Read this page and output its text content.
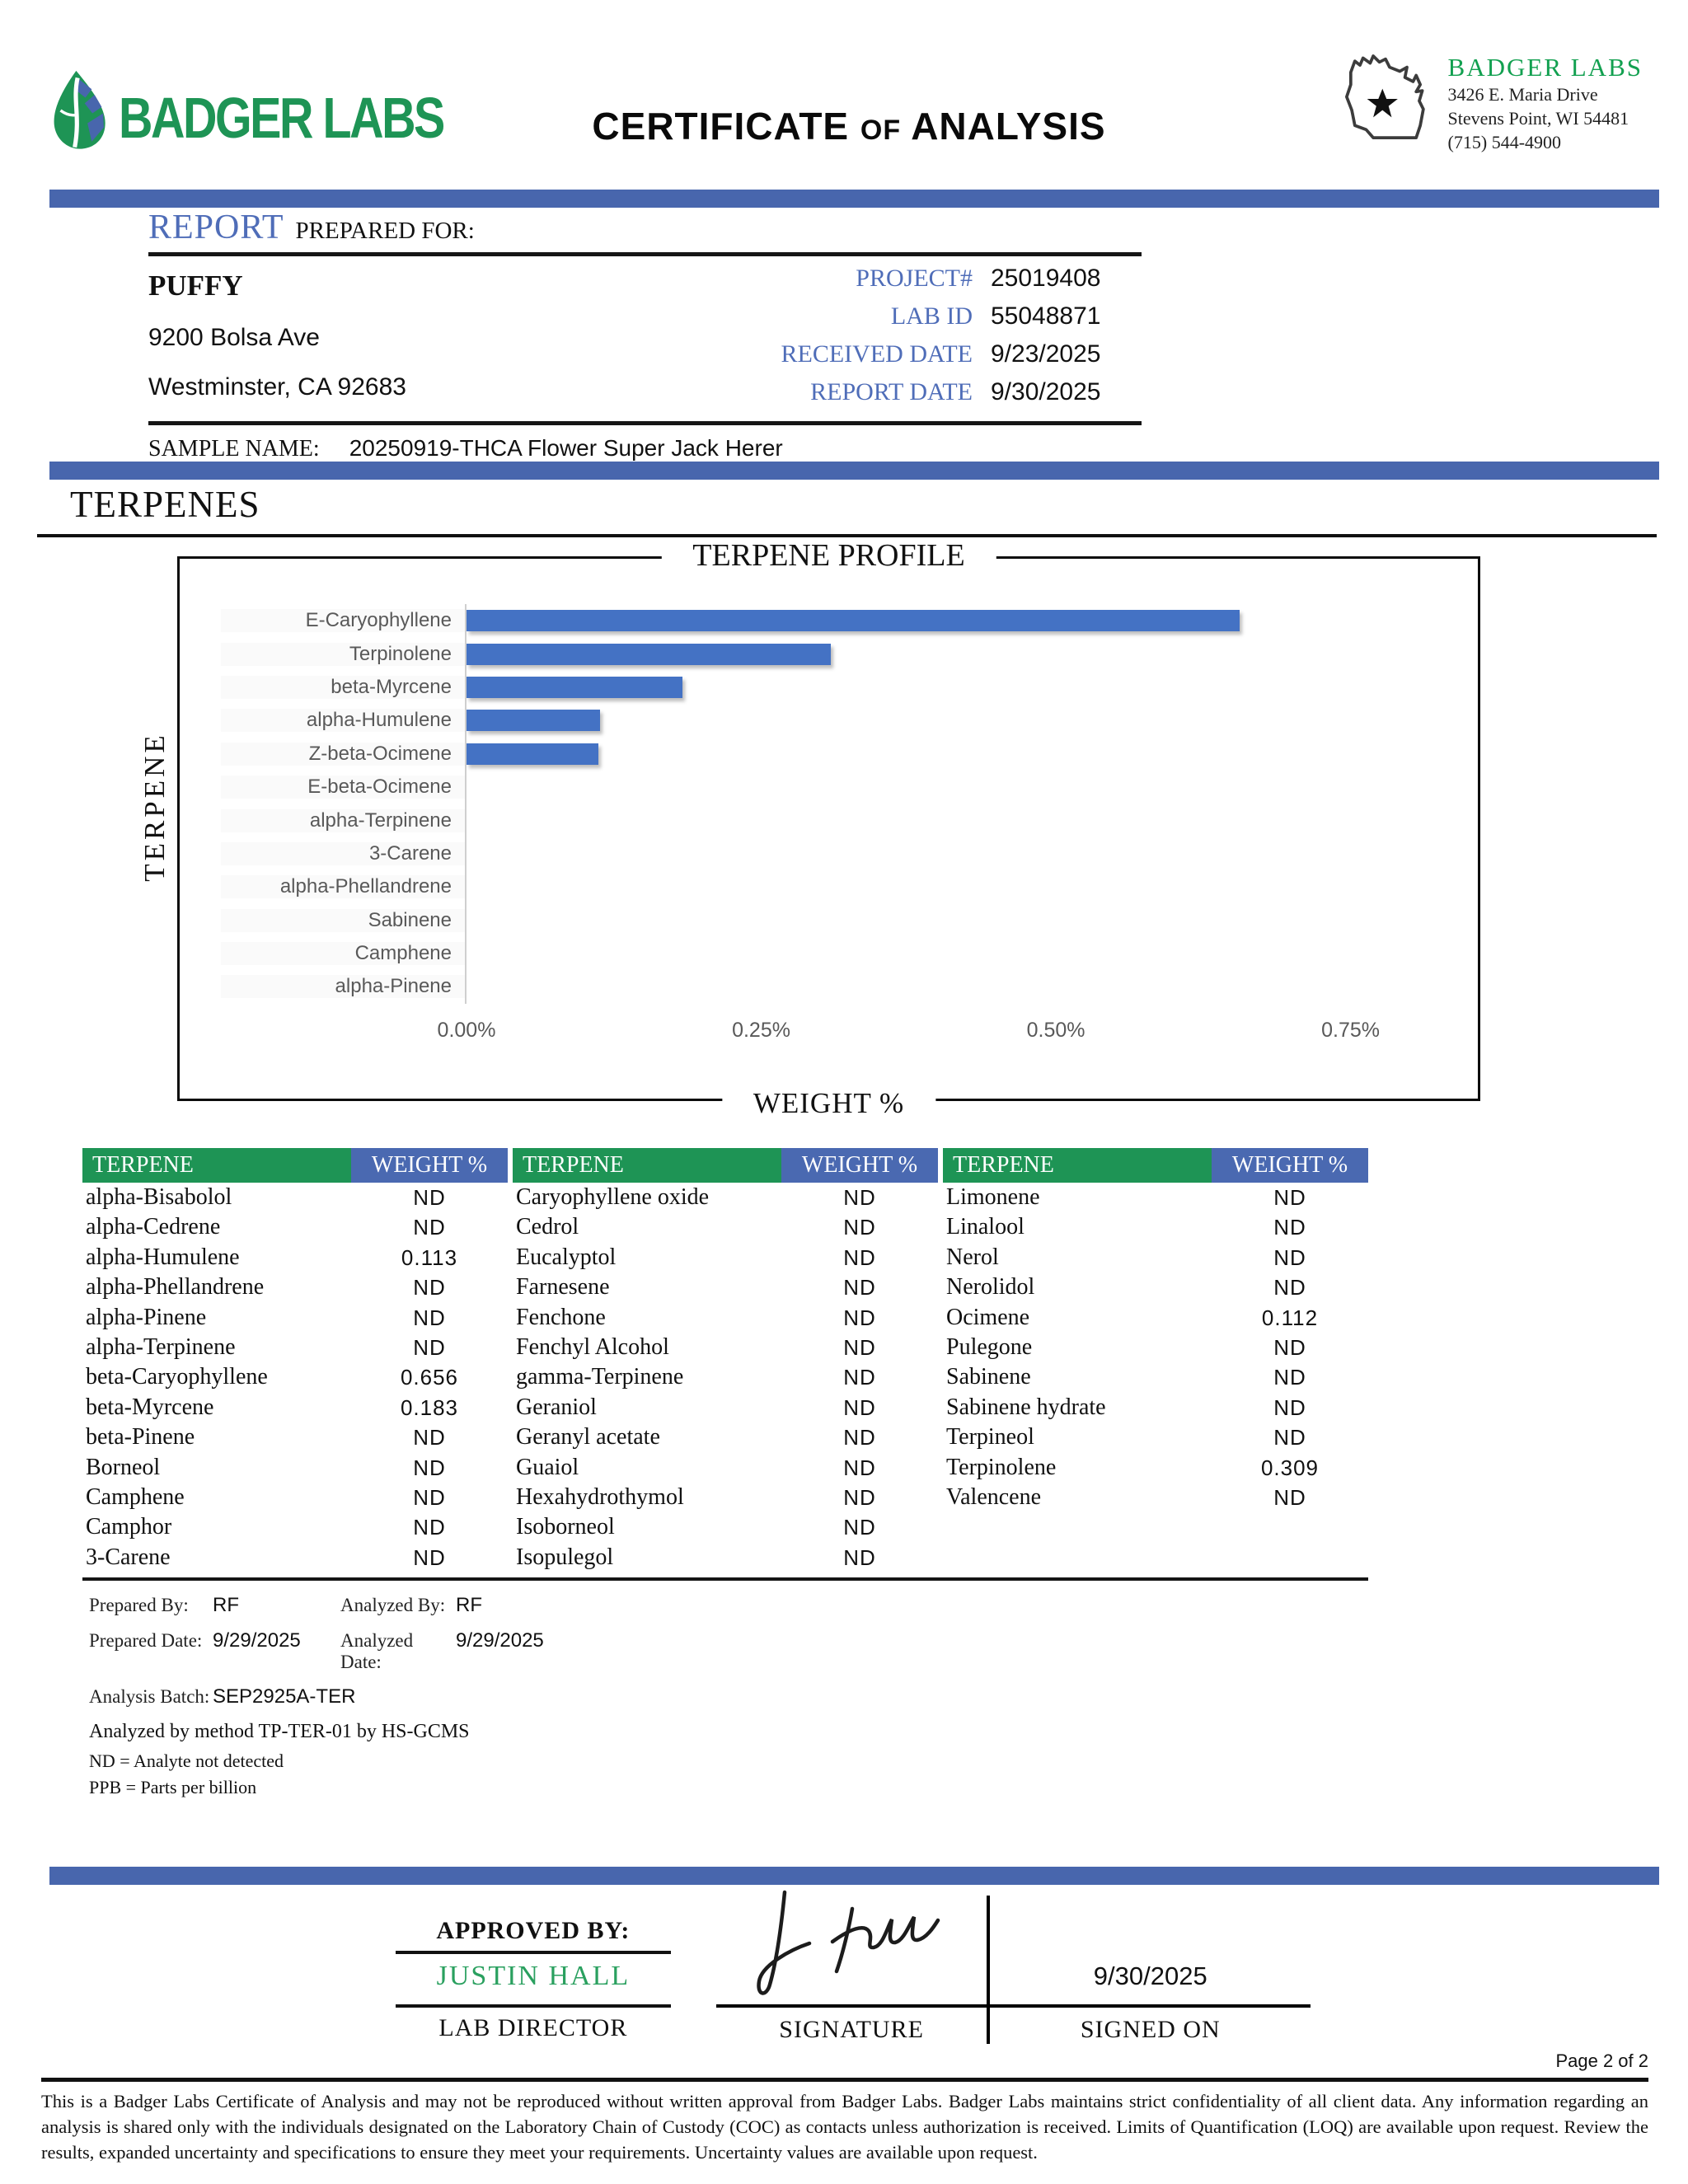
BADGER LABS	CERTIFICATE OF ANALYSIS
BADGER LABS
3426 E. Maria Drive
Stevens Point, WI 54481
(715) 544-4900
REPORT PREPARED FOR:
PUFFY
9200 Bolsa Ave
Westminster, CA 92683
PROJECT# 25019408
LAB ID 55048871
RECEIVED DATE 9/23/2025
REPORT DATE 9/30/2025
SAMPLE NAME: 20250919-THCA Flower Super Jack Herer
TERPENES
TERPENE PROFILE
TERPENE
WEIGHT %
E-Caryophyllene
Terpinolene
beta-Myrcene
alpha-Humulene
Z-beta-Ocimene
E-beta-Ocimene
alpha-Terpinene
3-Carene
alpha-Phellandrene
Sabinene
Camphene
alpha-Pinene
0.00%	0.25%	0.50%	0.75%
TERPENE	WEIGHT %
alpha-Bisabolol	ND
alpha-Cedrene	ND
alpha-Humulene	0.113
alpha-Phellandrene	ND
alpha-Pinene	ND
alpha-Terpinene	ND
beta-Caryophyllene	0.656
beta-Myrcene	0.183
beta-Pinene	ND
Borneol	ND
Camphene	ND
Camphor	ND
3-Carene	ND
TERPENE	WEIGHT %
Caryophyllene oxide	ND
Cedrol	ND
Eucalyptol	ND
Farnesene	ND
Fenchone	ND
Fenchyl Alcohol	ND
gamma-Terpinene	ND
Geraniol	ND
Geranyl acetate	ND
Guaiol	ND
Hexahydrothymol	ND
Isoborneol	ND
Isopulegol	ND
TERPENE	WEIGHT %
Limonene	ND
Linalool	ND
Nerol	ND
Nerolidol	ND
Ocimene	0.112
Pulegone	ND
Sabinene	ND
Sabinene hydrate	ND
Terpineol	ND
Terpinolene	0.309
Valencene	ND
Prepared By:	RF	Analyzed By: RF
Prepared Date: 9/29/2025	Analyzed Date:
9/29/2025
Analysis Batch: SEP2925A-TER
Analyzed by method TP-TER-01 by HS-GCMS
ND = Analyte not detected
PPB = Parts per billion
APPROVED BY:
JUSTIN HALL
LAB DIRECTOR	SIGNATURE
9/30/2025
SIGNED ON
Page 2 of 2
This is a Badger Labs Certificate of Analysis and may not be reproduced without written approval from Badger Labs. Badger Labs maintains strict confidentiality of all client data. Any information regarding an analysis is shared only with the individuals designated on the Laboratory Chain of Custody (COC) as contacts unless authorization is received. Limits of Quantification (LOQ) are available upon request. Review the results, expanded uncertainty and specifications to ensure they meet your requirements. Uncertainty values are available upon request.
